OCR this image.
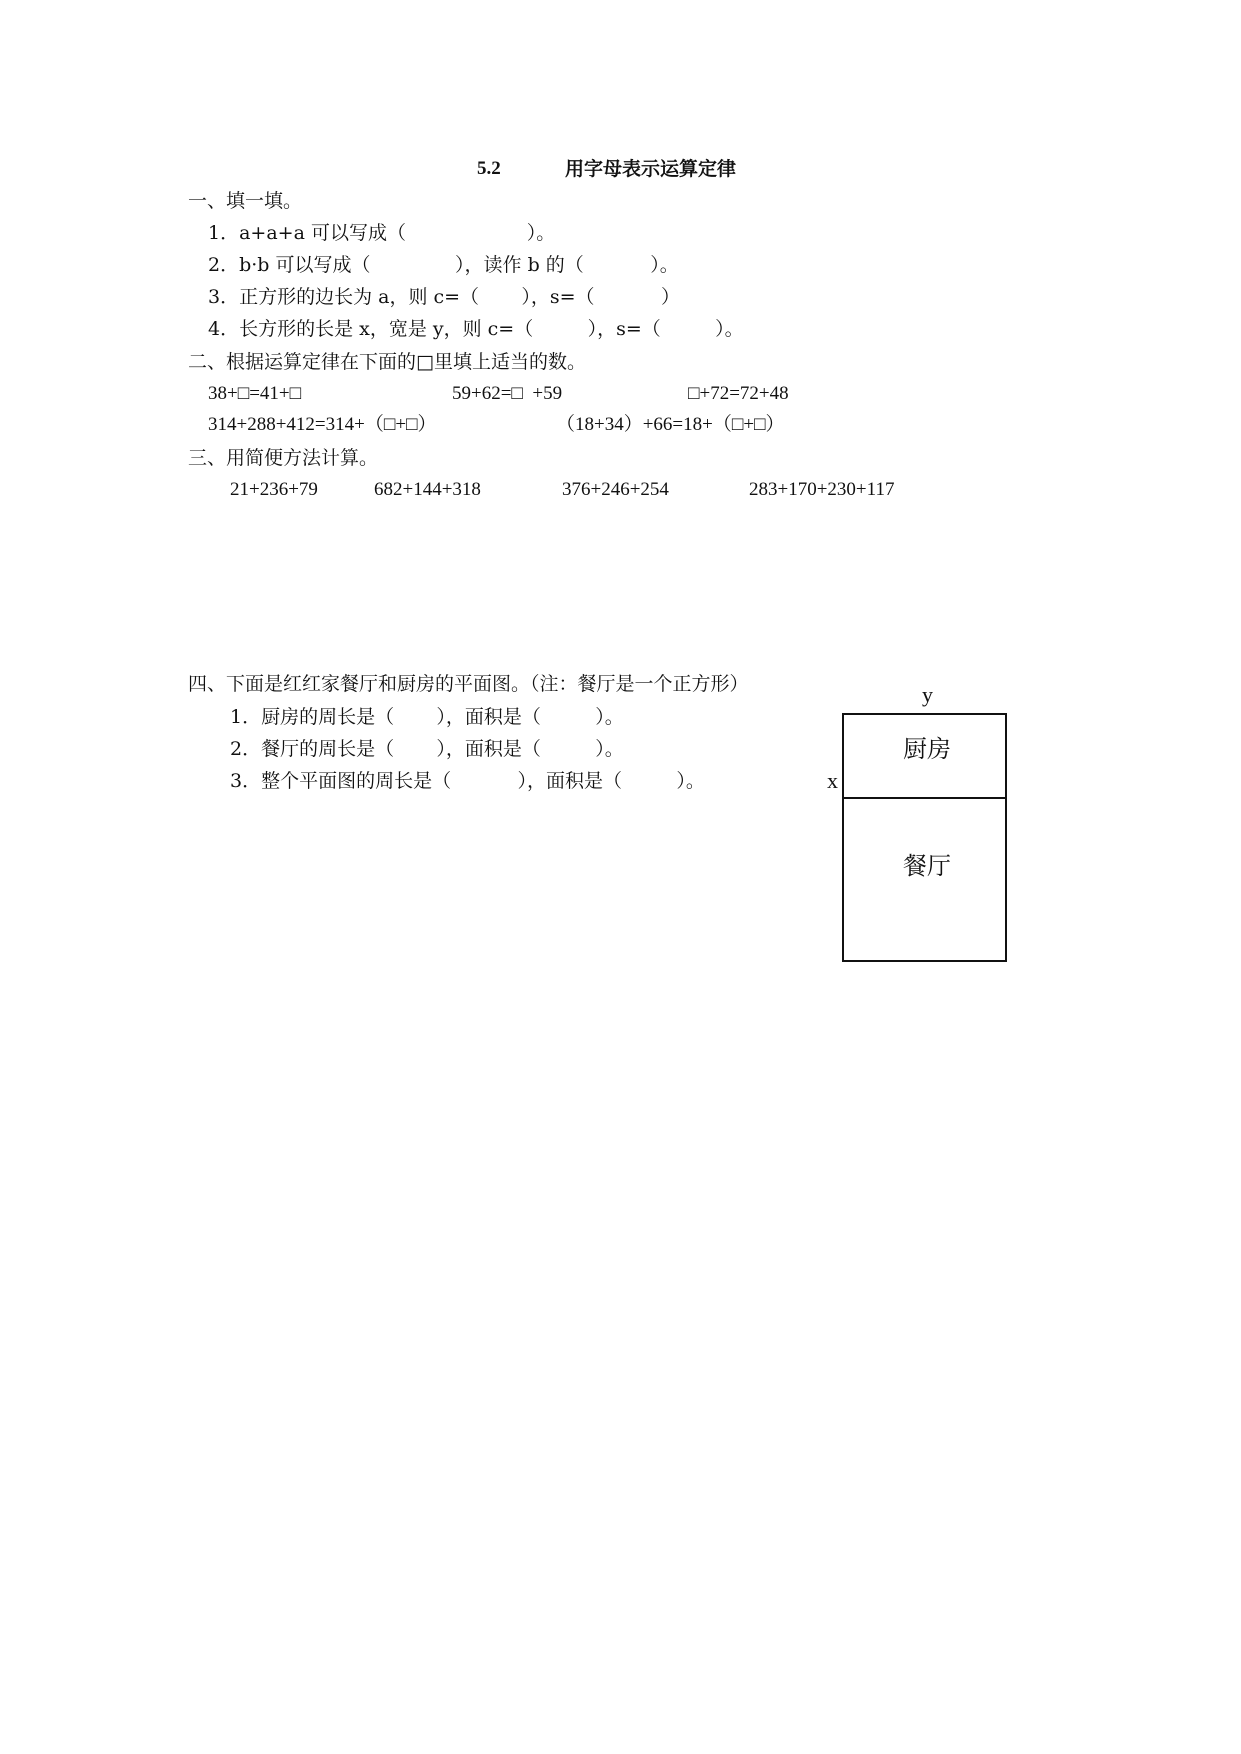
5.2	用字母表示运算定律
一、填一填。
1．a+a+a 可以写成（                    ）。
2．b·b 可以写成（              ），读作 b 的（           ）。
3．正方形的边长为 a，则 c=（       ），s=（           ）
4．长方形的长是 x，宽是 y，则 c=（         ），s=（         ）。
二、根据运算定律在下面的□里填上适当的数。
38+□=41+□	59+62=□  +59	□+72=72+48
314+288+412=314+（□+□）	（18+34）+66=18+（□+□）
三、用简便方法计算。
21+236+79	682+144+318	376+246+254	283+170+230+117
四、下面是红红家餐厅和厨房的平面图。（注：餐厅是一个正方形）
1．厨房的周长是（       ），面积是（         ）。
2．餐厅的周长是（       ），面积是（         ）。
3．整个平面图的周长是（           ），面积是（         ）。
y
x
厨房
餐厅
